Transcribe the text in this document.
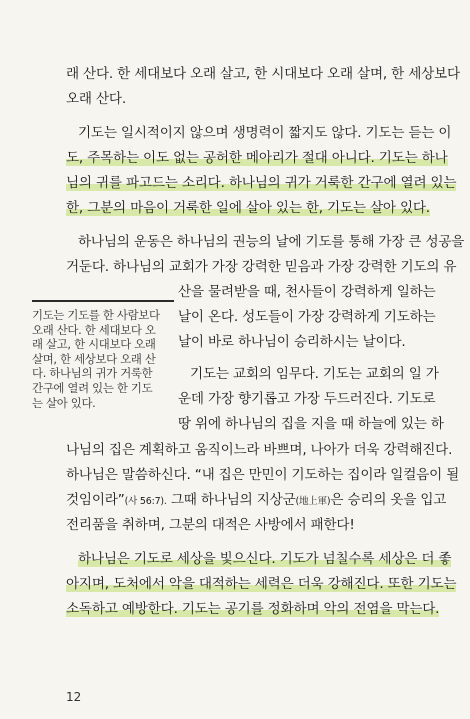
래 산다. 한 세대보다 오래 살고, 한 시대보다 오래 살며, 한 세상보다
오래 산다.
기도는 일시적이지 않으며 생명력이 짧지도 않다. 기도는 듣는 이
도, 주목하는 이도 없는 공허한 메아리가 절대 아니다. 기도는 하나
님의 귀를 파고드는 소리다. 하나님의 귀가 거룩한 간구에 열려 있는
한, 그분의 마음이 거룩한 일에 살아 있는 한, 기도는 살아 있다.
하나님의 운동은 하나님의 권능의 날에 기도를 통해 가장 큰 성공을
거둔다. 하나님의 교회가 가장 강력한 믿음과 가장 강력한 기도의 유
산을 물려받을 때, 천사들이 강력하게 일하는
날이 온다. 성도들이 가장 강력하게 기도하는
날이 바로 하나님이 승리하시는 날이다.
기도는 교회의 임무다. 기도는 교회의 일 가
운데 가장 향기롭고 가장 두드러진다. 기도로
땅 위에 하나님의 집을 지을 때 하늘에 있는 하
나님의 집은 계획하고 움직이느라 바쁘며, 나아가 더욱 강력해진다.
하나님은 말씀하신다. “내 집은 만민이 기도하는 집이라 일컬음이 될
것임이라”(사 56:7). 그때 하나님의 지상군(地上軍)은 승리의 옷을 입고
전리품을 취하며, 그분의 대적은 사방에서 패한다!
하나님은 기도로 세상을 빛으신다. 기도가 넘칠수록 세상은 더 좋
아지며, 도처에서 악을 대적하는 세력은 더욱 강해진다. 또한 기도는
소독하고 예방한다. 기도는 공기를 정화하며 악의 전염을 막는다.
기도는 기도를 한 사람보다
오래 산다. 한 세대보다 오
래 살고, 한 시대보다 오래
살며, 한 세상보다 오래 산
다. 하나님의 귀가 거룩한
간구에 열려 있는 한 기도
는 살아 있다.
12
